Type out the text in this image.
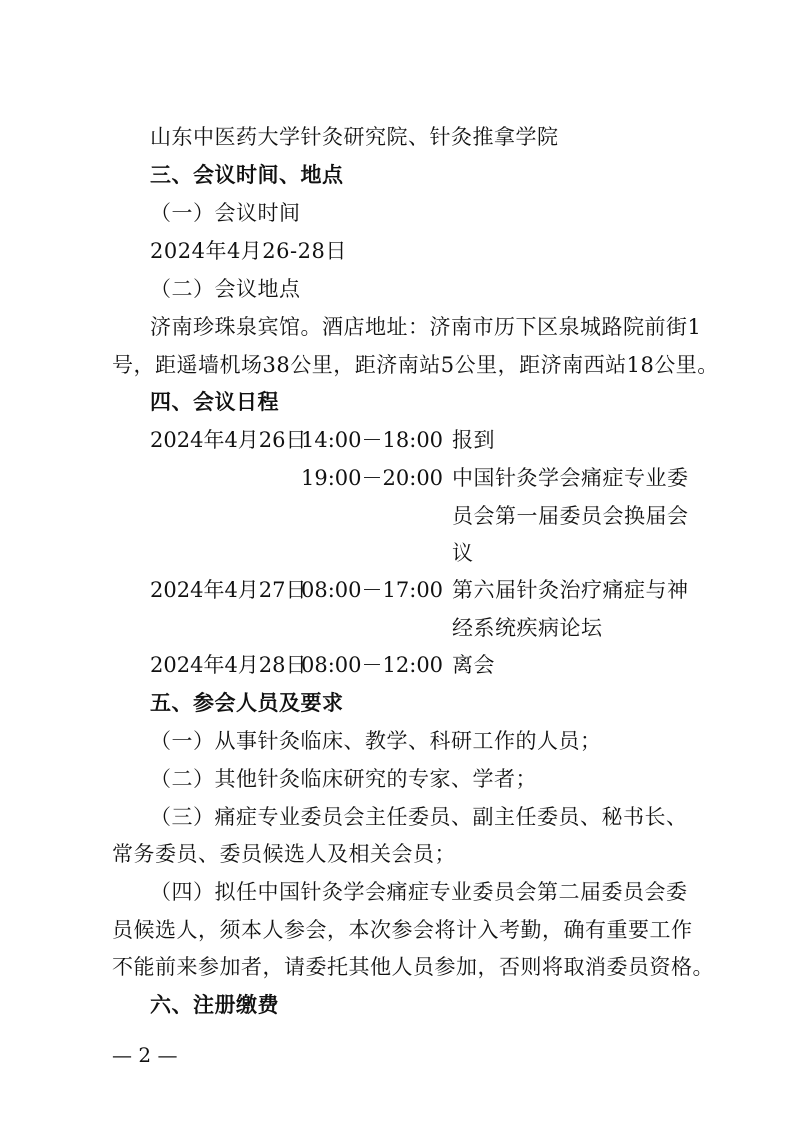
山东中医药大学针灸研究院、针灸推拿学院
三、会议时间、地点
（一）会议时间
2024年4月26-28日
（二）会议地点
济南珍珠泉宾馆。酒店地址：济南市历下区泉城路院前街1
号，距遥墙机场38公里，距济南站5公里，距济南西站18公里。
四、会议日程
2024年4月26日
14:00－18:00 报到
19:00－20:00 中国针灸学会痛症专业委
员会第一届委员会换届会
议
2024年4月27日
08:00－17:00 第六届针灸治疗痛症与神
经系统疾病论坛
2024年4月28日
08:00－12:00 离会
五、参会人员及要求
（一）从事针灸临床、教学、科研工作的人员；
（二）其他针灸临床研究的专家、学者；
（三）痛症专业委员会主任委员、副主任委员、秘书长、
常务委员、委员候选人及相关会员；
（四）拟任中国针灸学会痛症专业委员会第二届委员会委
员候选人，须本人参会，本次参会将计入考勤，确有重要工作
不能前来参加者，请委托其他人员参加，否则将取消委员资格。
六、注册缴费
— 2 —
